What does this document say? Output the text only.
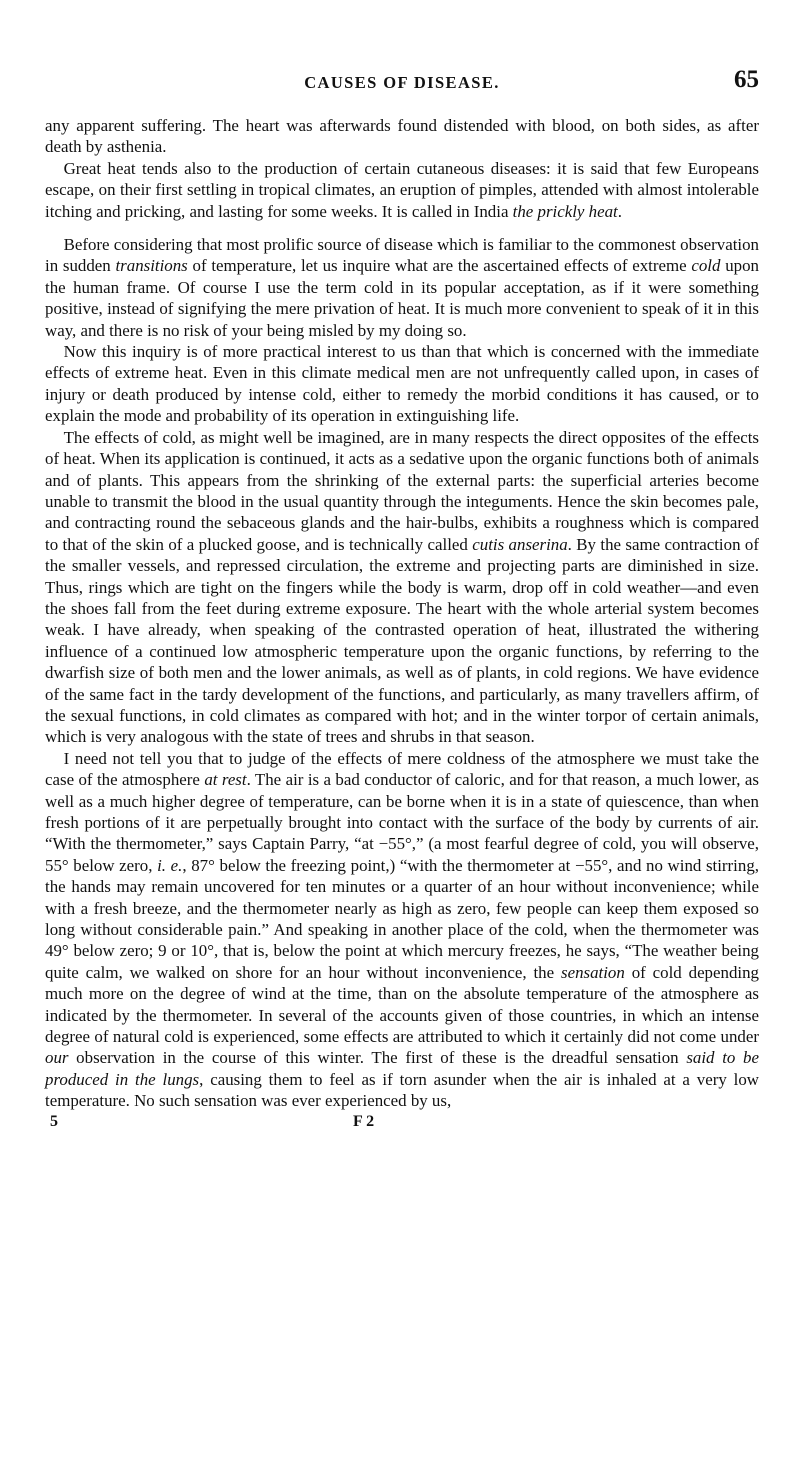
CAUSES OF DISEASE.	65

any apparent suffering. The heart was afterwards found distended with blood, on both sides, as after death by asthenia.

Great heat tends also to the production of certain cutaneous diseases: it is said that few Europeans escape, on their first settling in tropical climates, an eruption of pimples, attended with almost intolerable itching and pricking, and lasting for some weeks. It is called in India the prickly heat.

Before considering that most prolific source of disease which is familiar to the commonest observation in sudden transitions of temperature, let us inquire what are the ascertained effects of extreme cold upon the human frame. Of course I use the term cold in its popular acceptation, as if it were something positive, instead of signifying the mere privation of heat. It is much more convenient to speak of it in this way, and there is no risk of your being misled by my doing so.

Now this inquiry is of more practical interest to us than that which is concerned with the immediate effects of extreme heat. Even in this climate medical men are not unfrequently called upon, in cases of injury or death produced by intense cold, either to remedy the morbid conditions it has caused, or to explain the mode and probability of its operation in extinguishing life.

The effects of cold, as might well be imagined, are in many respects the direct opposites of the effects of heat. When its application is continued, it acts as a sedative upon the organic functions both of animals and of plants. This appears from the shrinking of the external parts: the superficial arteries become unable to transmit the blood in the usual quantity through the integuments. Hence the skin becomes pale, and contracting round the sebaceous glands and the hair-bulbs, exhibits a roughness which is compared to that of the skin of a plucked goose, and is technically called cutis anserina. By the same contraction of the smaller vessels, and repressed circulation, the extreme and projecting parts are diminished in size. Thus, rings which are tight on the fingers while the body is warm, drop off in cold weather—and even the shoes fall from the feet during extreme exposure. The heart with the whole arterial system becomes weak. I have already, when speaking of the contrasted operation of heat, illustrated the withering influence of a continued low atmospheric temperature upon the organic functions, by referring to the dwarfish size of both men and the lower animals, as well as of plants, in cold regions. We have evidence of the same fact in the tardy development of the functions, and particularly, as many travellers affirm, of the sexual functions, in cold climates as compared with hot; and in the winter torpor of certain animals, which is very analogous with the state of trees and shrubs in that season.

I need not tell you that to judge of the effects of mere coldness of the atmosphere we must take the case of the atmosphere at rest. The air is a bad conductor of caloric, and for that reason, a much lower, as well as a much higher degree of temperature, can be borne when it is in a state of quiescence, than when fresh portions of it are perpetually brought into contact with the surface of the body by currents of air. “With the thermometer,” says Captain Parry, “at −55°,” (a most fearful degree of cold, you will observe, 55° below zero, i. e., 87° below the freezing point,) “with the thermometer at −55°, and no wind stirring, the hands may remain uncovered for ten minutes or a quarter of an hour without inconvenience; while with a fresh breeze, and the thermometer nearly as high as zero, few people can keep them exposed so long without considerable pain.” And speaking in another place of the cold, when the thermometer was 49° below zero; 9 or 10°, that is, below the point at which mercury freezes, he says, “The weather being quite calm, we walked on shore for an hour without inconvenience, the sensation of cold depending much more on the degree of wind at the time, than on the absolute temperature of the atmosphere as indicated by the thermometer. In several of the accounts given of those countries, in which an intense degree of natural cold is experienced, some effects are attributed to which it certainly did not come under our observation in the course of this winter. The first of these is the dreadful sensation said to be produced in the lungs, causing them to feel as if torn asunder when the air is inhaled at a very low temperature. No such sensation was ever experienced by us,

5	F 2
